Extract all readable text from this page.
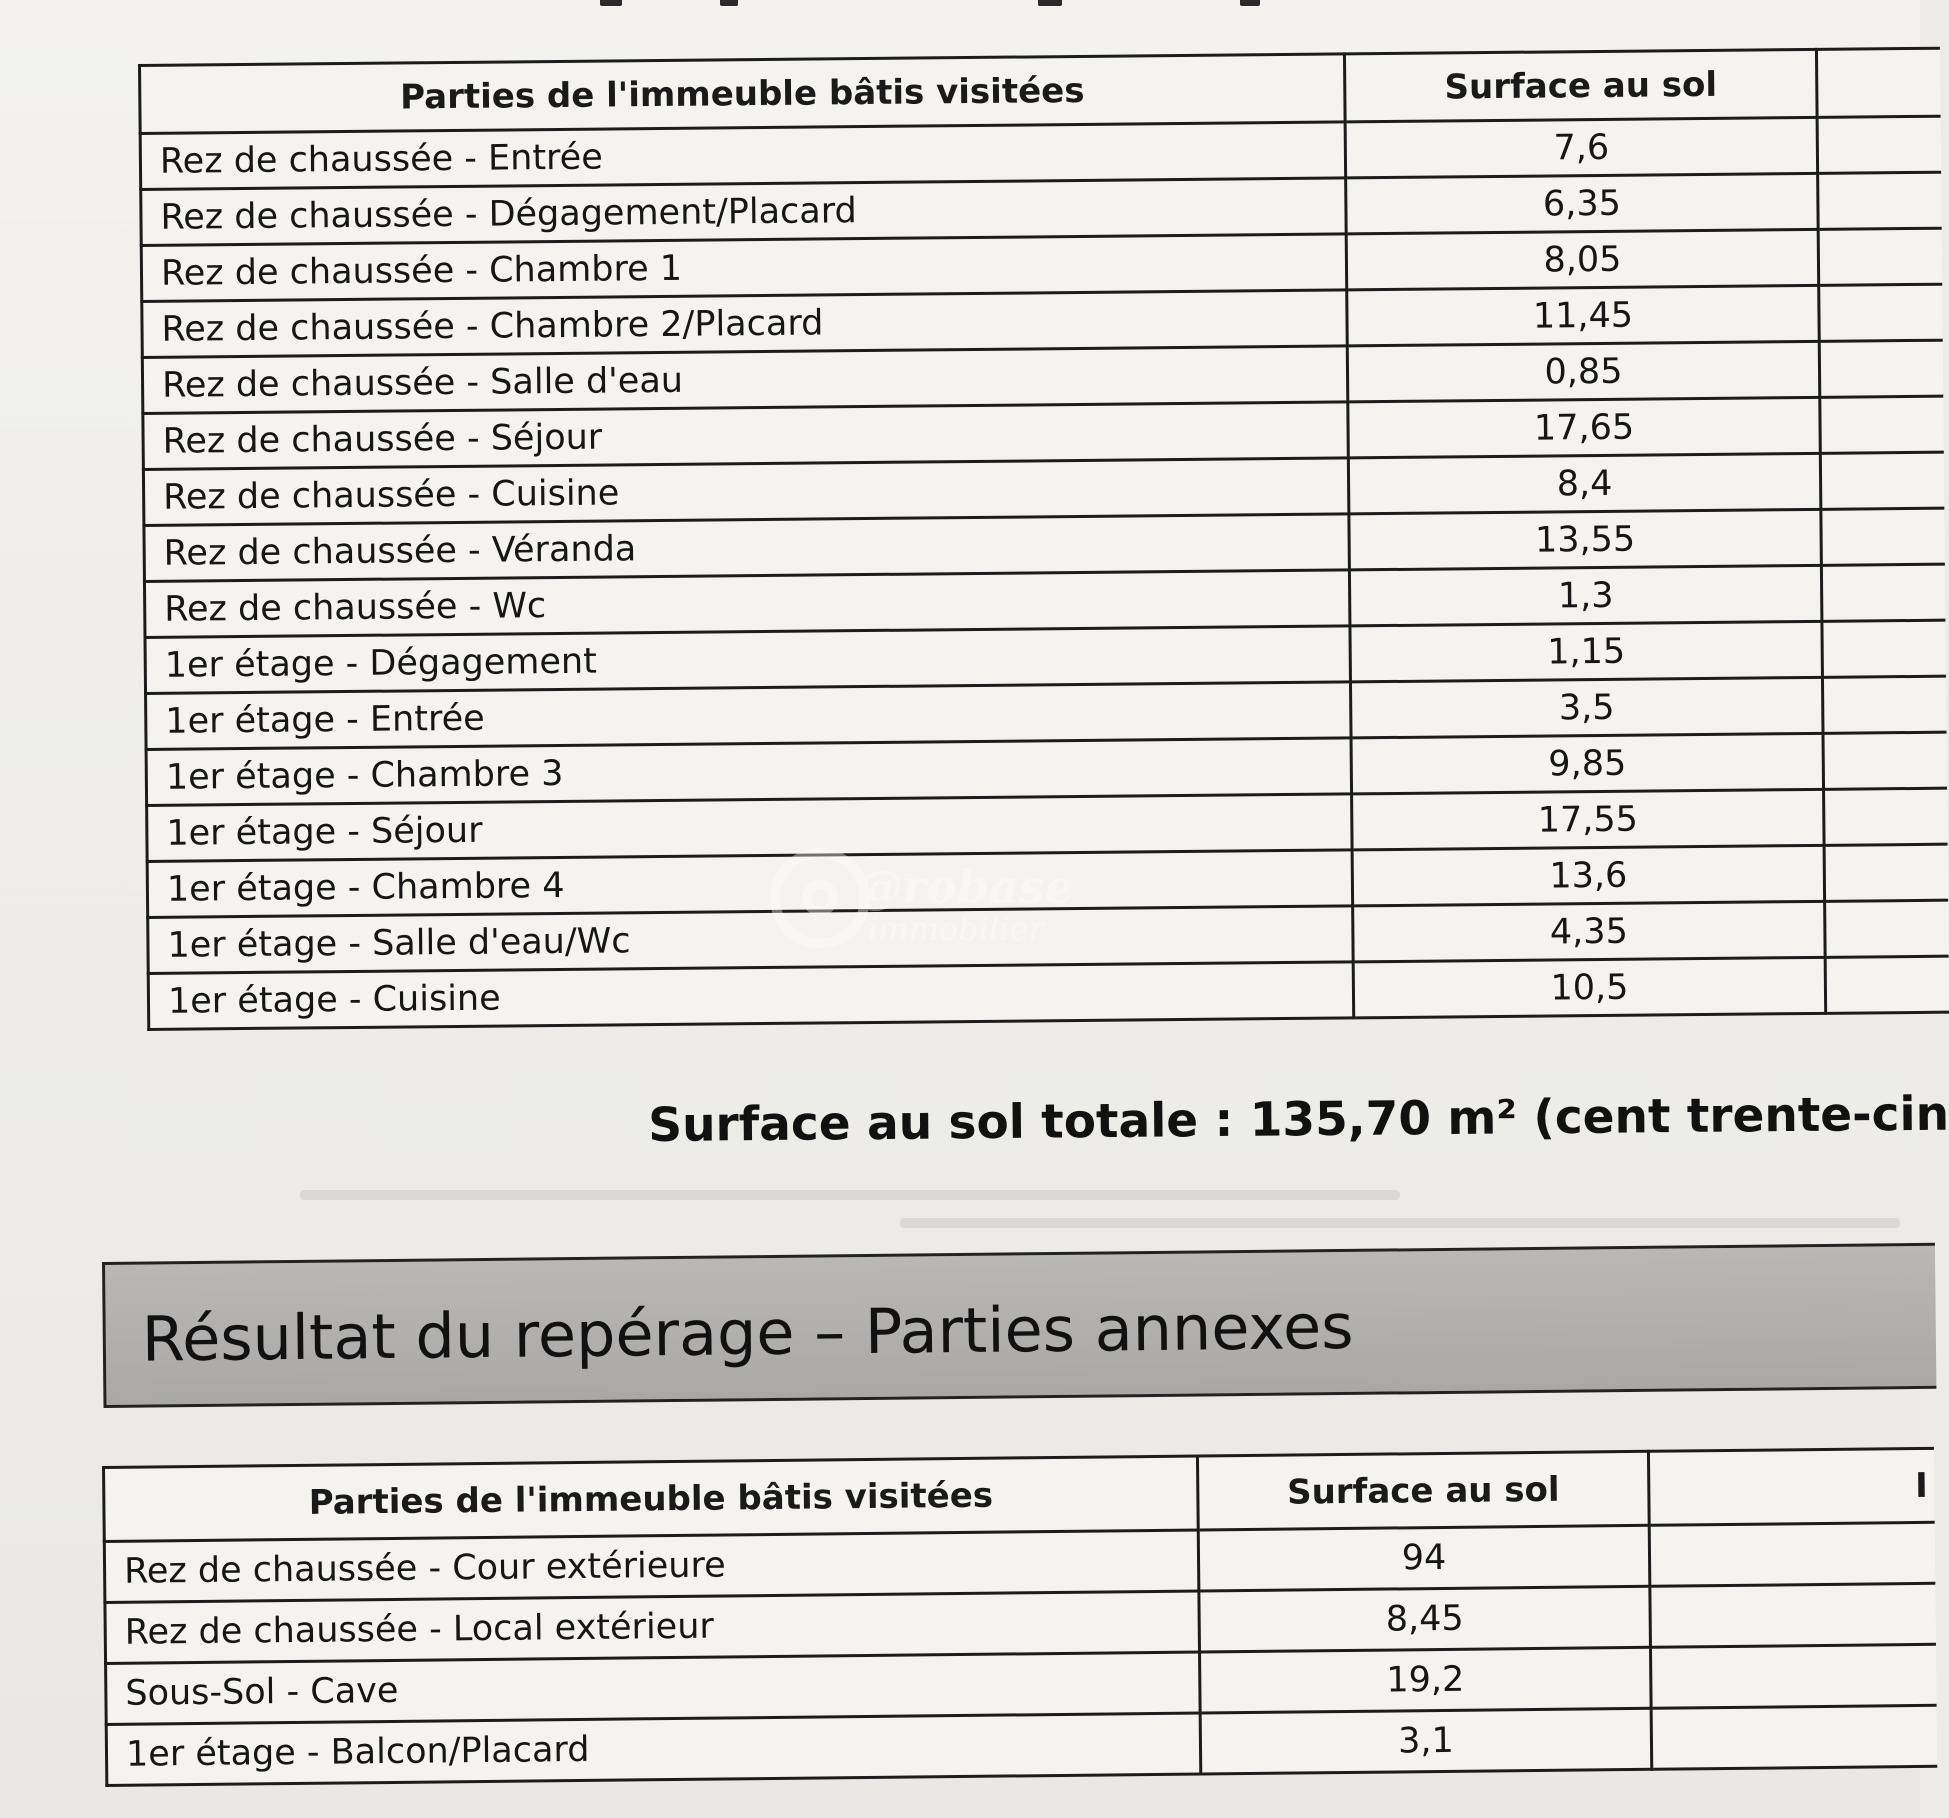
Parties de l'immeuble bâtis visitées	Surface au sol	
Rez de chaussée - Entrée	7,6	
Rez de chaussée - Dégagement/Placard	6,35	
Rez de chaussée - Chambre 1	8,05	
Rez de chaussée - Chambre 2/Placard	11,45	
Rez de chaussée - Salle d'eau	0,85	
Rez de chaussée - Séjour	17,65	
Rez de chaussée - Cuisine	8,4	
Rez de chaussée - Véranda	13,55	
Rez de chaussée - Wc	1,3	
1er étage - Dégagement	1,15	
1er étage - Entrée	3,5	
1er étage - Chambre 3	9,85	
1er étage - Séjour	17,55	
1er étage - Chambre 4	13,6	
1er étage - Salle d'eau/Wc	4,35	
1er étage - Cuisine	10,5	
@robase
immobilier
Surface au sol totale : 135,70 m² (cent trente-cin
Résultat du repérage – Parties annexes
Parties de l'immeuble bâtis visitées	Surface au sol	I
Rez de chaussée - Cour extérieure	94	
Rez de chaussée - Local extérieur	8,45	
Sous-Sol - Cave	19,2	
1er étage - Balcon/Placard	3,1	
